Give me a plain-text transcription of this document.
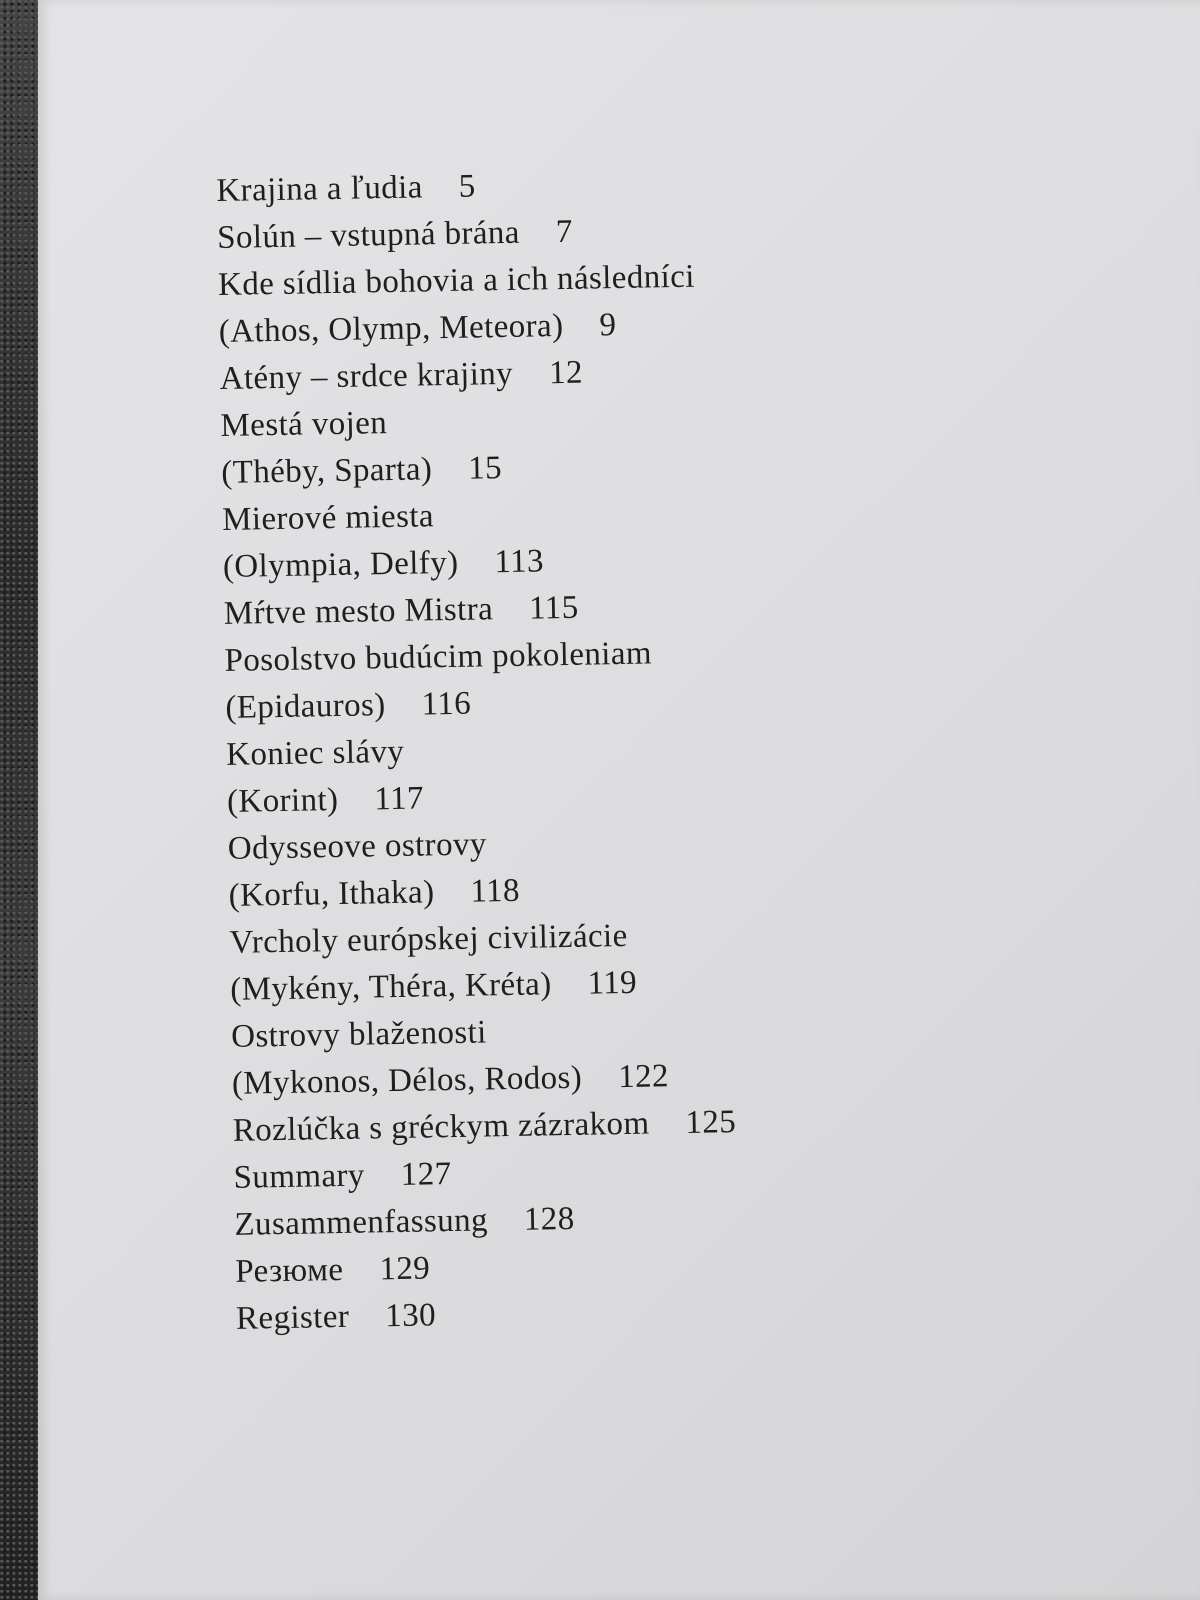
Krajina a ľudia 5
Solún – vstupná brána 7
Kde sídlia bohovia a ich následníci
(Athos, Olymp, Meteora) 9
Atény – srdce krajiny 12
Mestá vojen
(Théby, Sparta) 15
Mierové miesta
(Olympia, Delfy) 113
Mŕtve mesto Mistra 115
Posolstvo budúcim pokoleniam
(Epidauros) 116
Koniec slávy
(Korint) 117
Odysseove ostrovy
(Korfu, Ithaka) 118
Vrcholy európskej civilizácie
(Mykény, Théra, Kréta) 119
Ostrovy blaženosti
(Mykonos, Délos, Rodos) 122
Rozlúčka s gréckym zázrakom 125
Summary 127
Zusammenfassung 128
Резюме 129
Register 130
